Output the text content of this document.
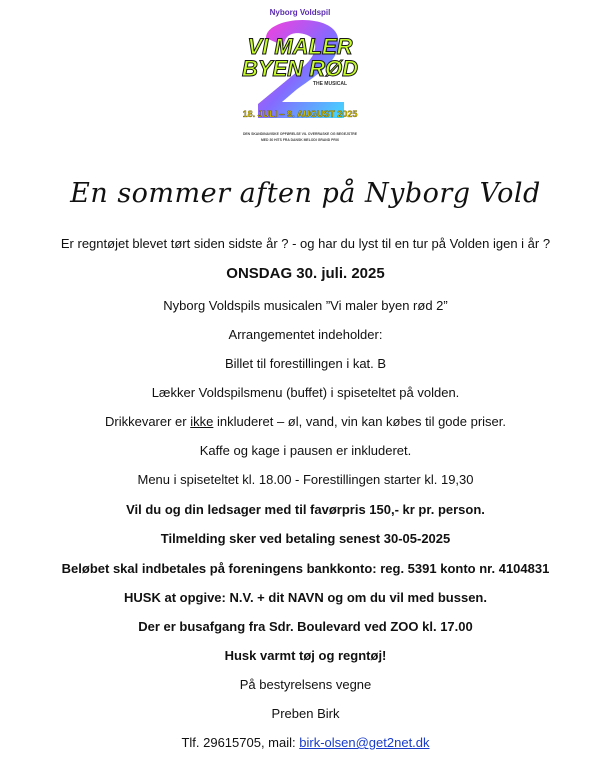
Nyborg Voldspil
VI MALER
BYEN RØD
THE MUSICAL
18. JULI – 9. AUGUST 2025
DEN SKANDINAVISKE OPFØRELSE VIL OVERRASKE OG BEGEJSTRE
MED 30 HITS FRA DANSK MELODI GRAND PRIX
En sommer aften på Nyborg Vold
Er regntøjet blevet tørt siden sidste år ? - og har du lyst til en tur på Volden igen i år ?
ONSDAG 30. juli. 2025
Nyborg Voldspils musicalen ”Vi maler byen rød 2”
Arrangementet indeholder:
Billet til forestillingen i kat. B
Lækker Voldspilsmenu (buffet) i spiseteltet på volden.
Drikkevarer er ikke inkluderet – øl, vand, vin kan købes til gode priser.
Kaffe og kage i pausen er inkluderet.
Menu i spiseteltet kl. 18.00 - Forestillingen starter kl. 19,30
Vil du og din ledsager med til favørpris 150,- kr pr. person.
Tilmelding sker ved betaling senest 30-05-2025
Beløbet skal indbetales på foreningens bankkonto: reg. 5391 konto nr. 4104831
HUSK at opgive: N.V. + dit NAVN og om du vil med bussen.
Der er busafgang fra Sdr. Boulevard ved ZOO kl. 17.00
Husk varmt tøj og regntøj!
På bestyrelsens vegne
Preben Birk
Tlf. 29615705, mail: birk-olsen@get2net.dk
